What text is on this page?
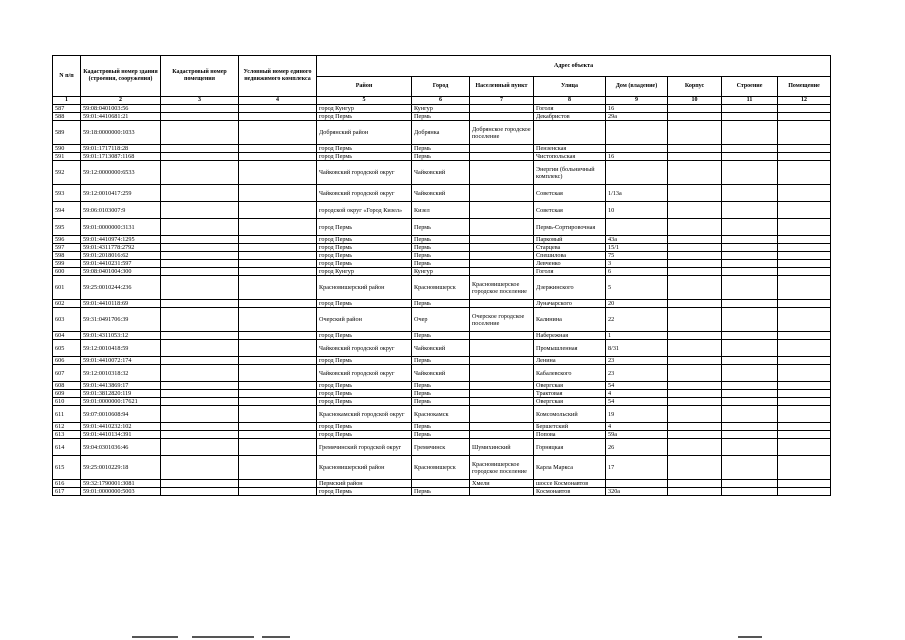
N п/п	Кадастровый номер здания (строения, сооружения)	Кадастровый номер помещения	Условный номер единого недвижимого комплекса	Адрес объекта							
				Район	Город	Населенный пункт	Улица	Дом (владение)	Корпус	Строение	Помещение
1	2	3	4	5	6	7	8	9	10	11	12
587	59:08:0401003:56			город Кунгур	Кунгур		Гоголя	16			
588	59:01:4410681:21			город Пермь	Пермь		Декабристов	29а			
589	59:18:0000000:1033			Добрянский район	Добрянка	Добрянское городское поселение					
590	59:01:1717118:28			город Пермь	Пермь		Пензенская				
591	59:01:1713087:1168			город Пермь	Пермь		Чистопольская	16			
592	59:12:0000000:6533			Чайковский городской округ	Чайковский		Энергии (больничный комплекс)				
593	59:12:0010417:259			Чайковский городской округ	Чайковский		Советская	1/13а			
594	59:06:0103007:9			городской округ «Город Кизел»	Кизел		Советская	10			
595	59:01:0000000:3131			город Пермь	Пермь		Пермь-Сортировочная				
596	59:01:4410974:1295			город Пермь	Пермь		Парковый	43а			
597	59:01:4311778:2792			город Пермь	Пермь		Старцева	15/1			
598	59:01:2018016:62			город Пермь	Пермь		Спешилова	75			
599	59:01:4410231:597			город Пермь	Пермь		Левченко	3			
600	59:08:0401004:300			город Кунгур	Кунгур		Гоголя	6			
601	59:25:0010244:236			Красновишерский район	Красновишерск	Красновишерское городское поселение	Дзержинского	5			
602	59:01:4410118:69			город Пермь	Пермь		Луначарского	20			
603	59:31:0491706:39			Очерский район	Очер	Очерское городское поселение	Калинина	22			
604	59:01:4311053:12			город Пермь	Пермь		Набережная	1			
605	59:12:0010418:59			Чайковский городской округ	Чайковский		Промышленная	8/31			
606	59:01:4410072:174			город Пермь	Пермь		Ленина	23			
607	59:12:0010318:32			Чайковский городской округ	Чайковский		Кабалевского	23			
608	59:01:4413869:17			город Пермь	Пермь		Овергская	54			
609	59:01:3812820:119			город Пермь	Пермь		Трактовая	4			
610	59:01:0000000:17621			город Пермь	Пермь		Овергская	54			
611	59:07:0010608:94			Краснокамский городской округ	Краснокамск		Комсомольский	19			
612	59:01:4410232:102			город Пермь	Пермь		Бершетский	4			
613	59:01:4410134:391			город Пермь	Пермь		Попова	59а			
614	59:04:0301036:46			Гремячинский городской округ	Гремячинск	Шумихинский	Горняцкая	26			
615	59:25:0010229:18			Красновишерский район	Красновишерск	Красновишерское городское поселение	Карла Маркса	17			
616	59:32:1790001:3081			Пермский район		Хмели	шоссе Космонавтов				
617	59:01:0000000:5003			город Пермь	Пермь		Космонавтов	320а			
